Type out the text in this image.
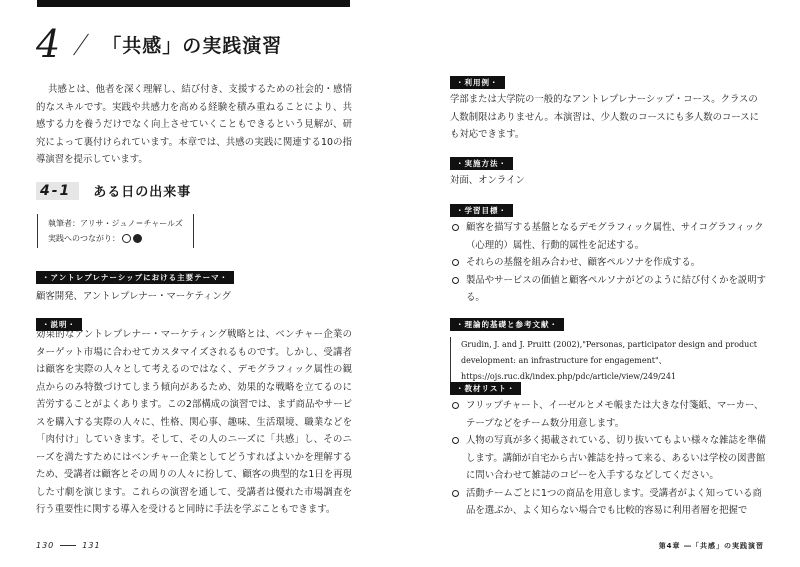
4 「共感」の実践演習

共感とは、他者を深く理解し、結び付き、支援するための社会的・感情的なスキルです。実践や共感力を高める経験を積み重ねることにより、共感する力を養うだけでなく向上させていくこともできるという見解が、研究によって裏付けられています。本章では、共感の実践に関連する10の指導演習を提示しています。

4-1	ある日の出来事
執筆者：アリサ・ジュノ＝チャールズ
実践へのつながり：
・アントレプレナーシップにおける主要テーマ・
顧客開発、アントレプレナー・マーケティング
・説明・

効果的なアントレプレナー・マーケティング戦略とは、ベンチャー企業のターゲット市場に合わせてカスタマイズされるものです。しかし、受講者は顧客を実際の人々として考えるのではなく、デモグラフィック属性の観点からのみ特徴づけてしまう傾向があるため、効果的な戦略を立てるのに苦労することがよくあります。この2部構成の演習では、まず商品やサービスを購入する実際の人々に、性格、関心事、趣味、生活環境、職業などを「肉付け」していきます。そして、その人のニーズに「共感」し、そのニーズを満たすためにはベンチャー企業としてどうすればよいかを理解するため、受講者は顧客とその周りの人々に扮して、顧客の典型的な1日を再現した寸劇を演じます。これらの演習を通して、受講者は優れた市場調査を行う重要性に関する導入を受けると同時に手法を学ぶこともできます。

130	131
・利用例・

学部または大学院の一般的なアントレプレナーシップ・コース。クラスの人数制限はありません。本演習は、少人数のコースにも多人数のコースにも対応できます。

・実施方法・

対面、オンライン

・学習目標・
顧客を描写する基盤となるデモグラフィック属性、サイコグラフィック（心理的）属性、行動的属性を記述する。
それらの基盤を組み合わせ、顧客ペルソナを作成する。
製品やサービスの価値と顧客ペルソナがどのように結び付くかを説明する。
・理論的基礎と参考文献・

Grudin, J. and J. Pruitt (2002),"Personas, participator design and product development: an infrastructure for engagement"、https://ojs.ruc.dk/index.php/pdc/article/view/249/241

・教材リスト・
フリップチャート、イーゼルとメモ帳または大きな付箋紙、マーカー、テープなどをチーム数分用意します。
人物の写真が多く掲載されている、切り抜いてもよい様々な雑誌を準備します。講師が自宅から古い雑誌を持って来る、あるいは学校の図書館に問い合わせて雑誌のコピーを入手するなどしてください。
活動チームごとに1つの商品を用意します。受講者がよく知っている商品を選ぶか、よく知らない場合でも比較的容易に利用者層を把握で
第4章 ―「共感」の実践演習
